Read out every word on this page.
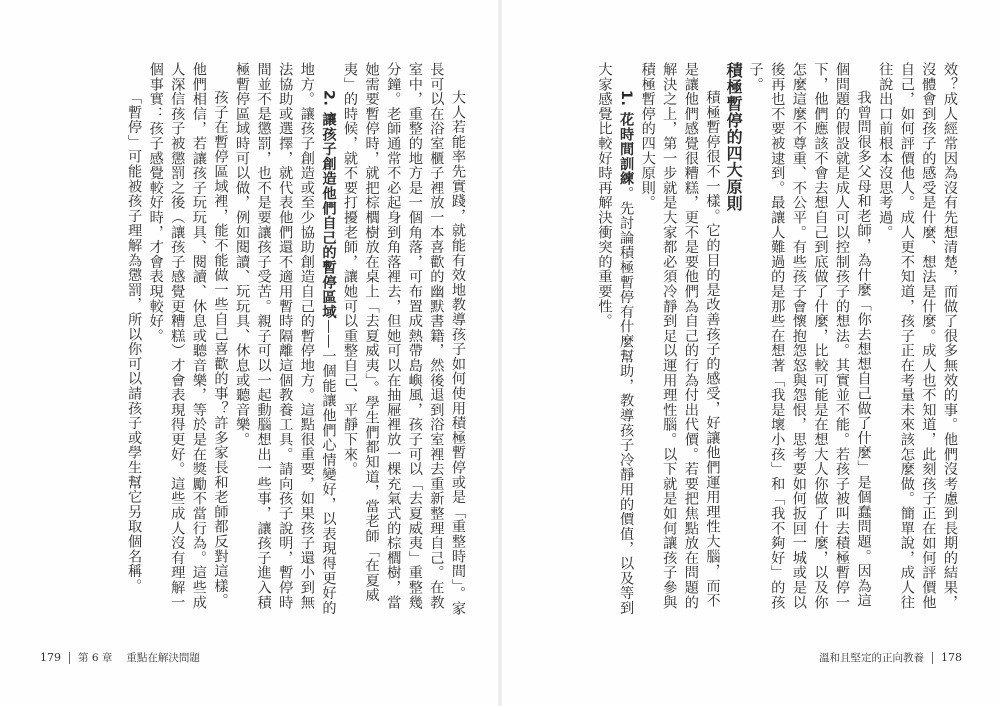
大人若能率先實踐，就能有效地教導孩子如何使用積極暫停或是「重整時間」。家長可以在浴室櫃子裡放一本喜歡的幽默書籍，然後退到浴室裡去重新整理自己。在教室中，重整的地方是一個角落，可布置成熱帶島嶼風，孩子可以「去夏威夷」重整幾分鐘。老師通常不必起身到角落裡去，但她可以在抽屜裡放一棵充氣式的棕櫚樹，當她需要暫停時，就把棕櫚樹放在桌上「去夏威夷」。學生們都知道，當老師「在夏威夷」的時候，就不要打擾老師，讓她可以重整自己、平靜下來。

2. 讓孩子創造他們自己的暫停區域——一個能讓他們心情變好，以表現得更好的地方。讓孩子創造或至少協助創造自己的暫停地方。這點很重要，如果孩子還小到無法協助或選擇，就代表他們還不適用暫時隔離這個教養工具。請向孩子說明，暫停時間並不是懲罰，也不是要讓孩子受苦。親子可以一起動腦想出一些事，讓孩子進入積極暫停區域時可以做，例如閱讀、玩玩具、休息或聽音樂。

孩子在暫停區域裡，能不能做一些自己喜歡的事？許多家長和老師都反對這樣。他們相信，若讓孩子玩玩具、閱讀、休息或聽音樂，等於是在獎勵不當行為。這些成人深信孩子被懲罰之後（讓孩子感覺更糟糕）才會表現得更好。這些成人沒有理解一個事實：孩子感覺較好時，才會表現較好。

「暫停」可能被孩子理解為懲罰，所以你可以請孩子或學生幫它另取個名稱。

179 第 6 章 重點在解決問題	溫和且堅定的正向教養 178

效？成人經常因為沒有先想清楚，而做了很多無效的事。他們沒考慮到長期的結果，沒體會到孩子的感受是什麼、想法是什麼。成人也不知道，此刻孩子正在如何評價他自己，如何評價他人。成人更不知道，孩子正在考量未來該怎麼做。簡單說，成人往往說出口前根本沒思考過。

我曾問很多父母和老師，為什麼「你去想想自己做了什麼」是個蠢問題。因為這個問題的假設就是成人可以控制孩子的想法。其實並不能。若孩子被叫去積極暫停一下，他們應該不會去想自己到底做了什麼，比較可能是在想大人你做了什麼，以及你怎麼這麼不尊重、不公平。有些孩子會懷抱怨怒與怨恨，思考要如何扳回一城或是以後再也不要被逮到。最讓人難過的是那些在想著「我是壞小孩」和「我不夠好」的孩子。

積極暫停的四大原則

積極暫停很不一樣。它的目的是改善孩子的感受，好讓他們運用理性大腦，而不是讓他們感覺很糟糕，更不是要他們為自己的行為付出代價。若要把焦點放在問題的解決之上，第一步就是大家都必須冷靜到足以運用理性腦。以下就是如何讓孩子參與積極暫停的四大原則。

1. 花時間訓練。先討論積極暫停有什麼幫助，教導孩子冷靜用的價值，以及等到大家感覺比較好時再解決衝突的重要性。
